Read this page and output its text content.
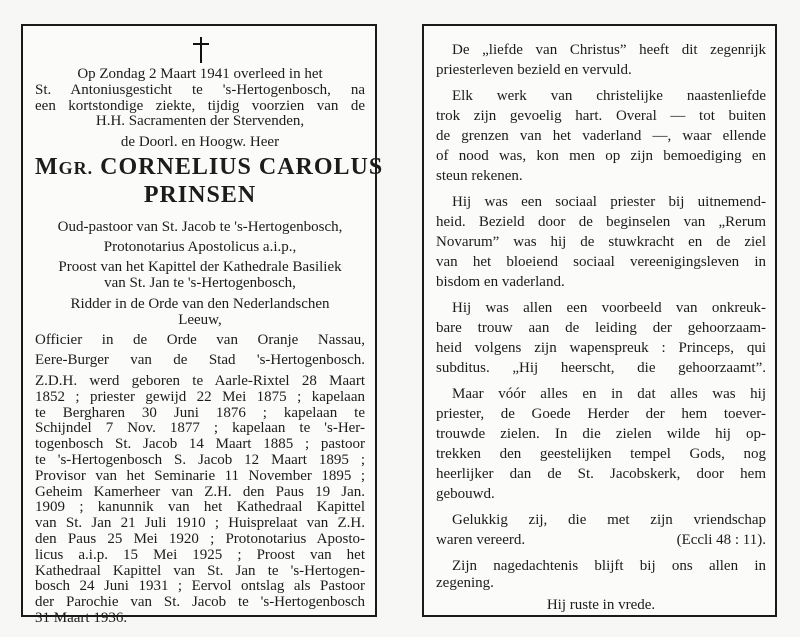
Op Zondag 2 Maart 1941 overleed in het
St. Antoniusgesticht te 's-Hertogenbosch, na
een kortstondige ziekte, tijdig voorzien van de
H.H. Sacramenten der Stervenden,
de Doorl. en Hoogw. Heer
MGR. CORNELIUS CAROLUS
PRINSEN
Oud-pastoor van St. Jacob te 's-Hertogenbosch,
Protonotarius Apostolicus a.i.p.,
Proost van het Kapittel der Kathedrale Basiliek
van St. Jan te 's-Hertogenbosch,
Ridder in de Orde van den Nederlandschen
Leeuw,
Officier in de Orde van Oranje Nassau,
Eere-Burger van de Stad 's-Hertogenbosch.
Z.D.H. werd geboren te Aarle-Rixtel 28 Maart
1852 ; priester gewijd 22 Mei 1875 ; kapelaan
te Bergharen 30 Juni 1876 ; kapelaan te
Schijndel 7 Nov. 1877 ; kapelaan te 's-Her-
togenbosch St. Jacob 14 Maart 1885 ; pastoor
te 's-Hertogenbosch S. Jacob 12 Maart 1895 ;
Provisor van het Seminarie 11 November 1895 ;
Geheim Kamerheer van Z.H. den Paus 19 Jan.
1909 ; kanunnik van het Kathedraal Kapittel
van St. Jan 21 Juli 1910 ; Huisprelaat van Z.H.
den Paus 25 Mei 1920 ; Protonotarius Aposto-
licus a.i.p. 15 Mei 1925 ; Proost van het
Kathedraal Kapittel van St. Jan te 's-Hertogen-
bosch 24 Juni 1931 ; Eervol ontslag als Pastoor
der Parochie van St. Jacob te 's-Hertogenbosch
31 Maart 1936.
De „liefde van Christus” heeft dit zegenrijk
priesterleven bezield en vervuld.
Elk werk van christelijke naastenliefde
trok zijn gevoelig hart. Overal — tot buiten
de grenzen van het vaderland —, waar ellende
of nood was, kon men op zijn bemoediging en
steun rekenen.
Hij was een sociaal priester bij uitnemend-
heid. Bezield door de beginselen van „Rerum
Novarum” was hij de stuwkracht en de ziel
van het bloeiend sociaal vereenigingsleven in
bisdom en vaderland.
Hij was allen een voorbeeld van onkreuk-
bare trouw aan de leiding der gehoorzaam-
heid volgens zijn wapenspreuk : Princeps, qui
subditus. „Hij heerscht, die gehoorzaamt”.
Maar vóór alles en in dat alles was hij
priester, de Goede Herder der hem toever-
trouwde zielen. In die zielen wilde hij op-
trekken den geestelijken tempel Gods, nog
heerlijker dan de St. Jacobskerk, door hem
gebouwd.
Gelukkig zij, die met zijn vriendschap
waren vereerd.	(Eccli 48 : 11).
Zijn nagedachtenis blijft bij ons allen in
zegening.
Hij ruste in vrede.
